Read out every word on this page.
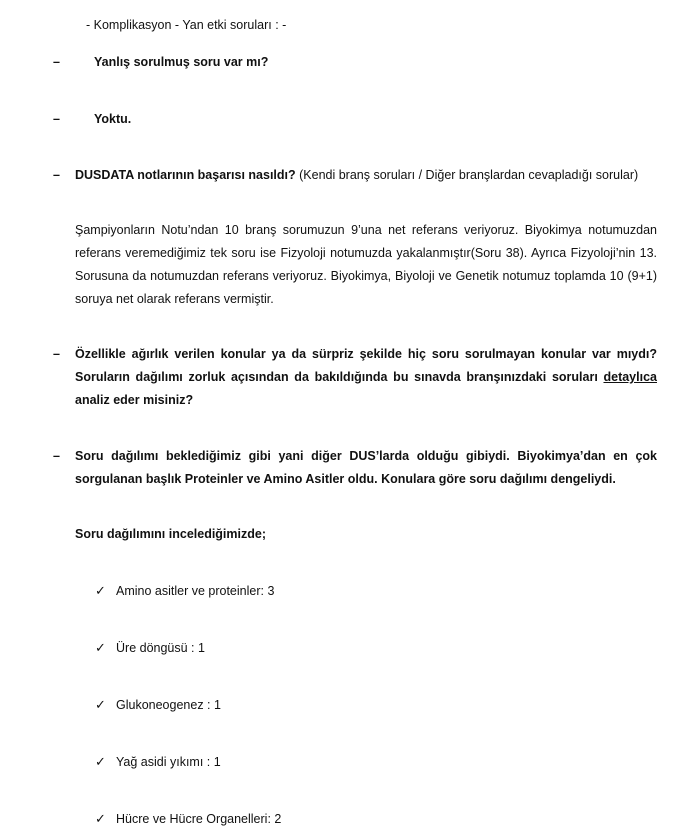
- Komplikasyon - Yan etki soruları : -
–	Yanlış sorulmuş soru var mı?
–	Yoktu.
– DUSDATA notlarının başarısı nasıldı? (Kendi branş soruları / Diğer branşlardan cevapladığı sorular)
Şampiyonların Notu’ndan 10 branş sorumuzun 9’una net referans veriyoruz. Biyokimya notumuzdan referans veremediğimiz tek soru ise Fizyoloji notumuzda yakalanmıştır(Soru 38). Ayrıca Fizyoloji’nin 13. Sorusuna da notumuzdan referans veriyoruz. Biyokimya, Biyoloji ve Genetik notumuz toplamda 10 (9+1) soruya net olarak referans vermiştir.
– Özellikle ağırlık verilen konular ya da sürpriz şekilde hiç soru sorulmayan konular var mıydı? Soruların dağılımı zorluk açısından da bakıldığında bu sınavda branşınızdaki soruları detaylıca analiz eder misiniz?
– Soru dağılımı beklediğimiz gibi yani diğer DUS’larda olduğu gibiydi. Biyokimya’dan en çok sorgulanan başlık Proteinler ve Amino Asitler oldu. Konulara göre soru dağılımı dengeliydi.
Soru dağılımını incelediğimizde;
✓ Amino asitler ve proteinler: 3
✓ Üre döngüsü : 1
✓ Glukoneogenez : 1
✓ Yağ asidi yıkımı : 1
✓ Hücre ve Hücre Organelleri: 2
